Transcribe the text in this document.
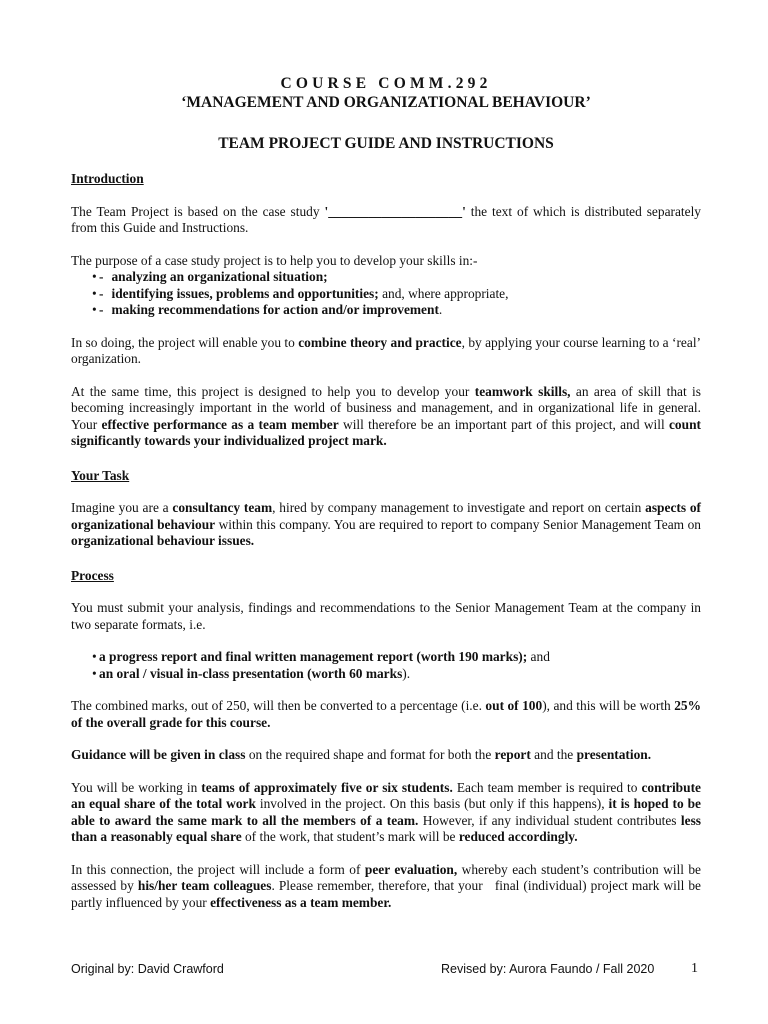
COURSE COMM.292
‘MANAGEMENT AND ORGANIZATIONAL BEHAVIOUR’
TEAM PROJECT GUIDE AND INSTRUCTIONS
Introduction

The Team Project is based on the case study '____________________' the text of which is distributed separately from this Guide and Instructions.

The purpose of a case study project is to help you to develop your skills in:-

• - analyzing an organizational situation;
• - identifying issues, problems and opportunities; and, where appropriate,
• - making recommendations for action and/or improvement.

In so doing, the project will enable you to combine theory and practice, by applying your course learning to a ‘real’ organization.

At the same time, this project is designed to help you to develop your teamwork skills, an area of skill that is becoming increasingly important in the world of business and management, and in organizational life in general. Your effective performance as a team member will therefore be an important part of this project, and will count significantly towards your individualized project mark.

Your Task

Imagine you are a consultancy team, hired by company management to investigate and report on certain aspects of organizational behaviour within this company. You are required to report to company Senior Management Team on organizational behaviour issues.

Process

You must submit your analysis, findings and recommendations to the Senior Management Team at the company in two separate formats, i.e.

• a progress report and final written management report (worth 190 marks); and
• an oral / visual in-class presentation (worth 60 marks).

The combined marks, out of 250, will then be converted to a percentage (i.e. out of 100), and this will be worth 25% of the overall grade for this course.

Guidance will be given in class on the required shape and format for both the report and the presentation.

You will be working in teams of approximately five or six students. Each team member is required to contribute an equal share of the total work involved in the project. On this basis (but only if this happens), it is hoped to be able to award the same mark to all the members of a team. However, if any individual student contributes less than a reasonably equal share of the work, that student’s mark will be reduced accordingly.

In this connection, the project will include a form of peer evaluation, whereby each student’s contribution will be assessed by his/her team colleagues. Please remember, therefore, that your   final (individual) project mark will be partly influenced by your effectiveness as a team member.

Original by: David Crawford	Revised by: Aurora Faundo / Fall 2020	1
